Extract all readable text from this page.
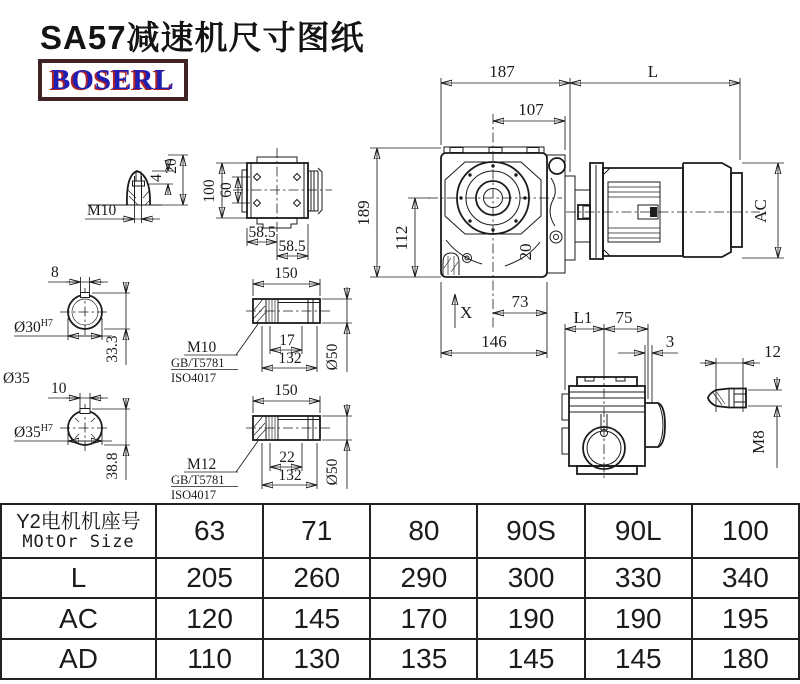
SA57减速机尺寸图纸
BOSERL	187	L
107
189
112
20
AC
73
146
X
M10
4
20
100 60
58.5
58.5
8
$Ø30^{H7}$
33.3
Ø35
10
$Ø35^{H7}$
38.8
150
17
132 Ø50
M10
GB/T5781
ISO4017
150
22
132 Ø50
M12
GB/T5781
ISO4017
L1 75
3
12
M8
Y2电机机座号
MOtOr Size	63	71	80	90S	90L	100
L	205	260	290	300	330	340
AC	120	145	170	190	190	195
AD	110	130	135	145	145	180
